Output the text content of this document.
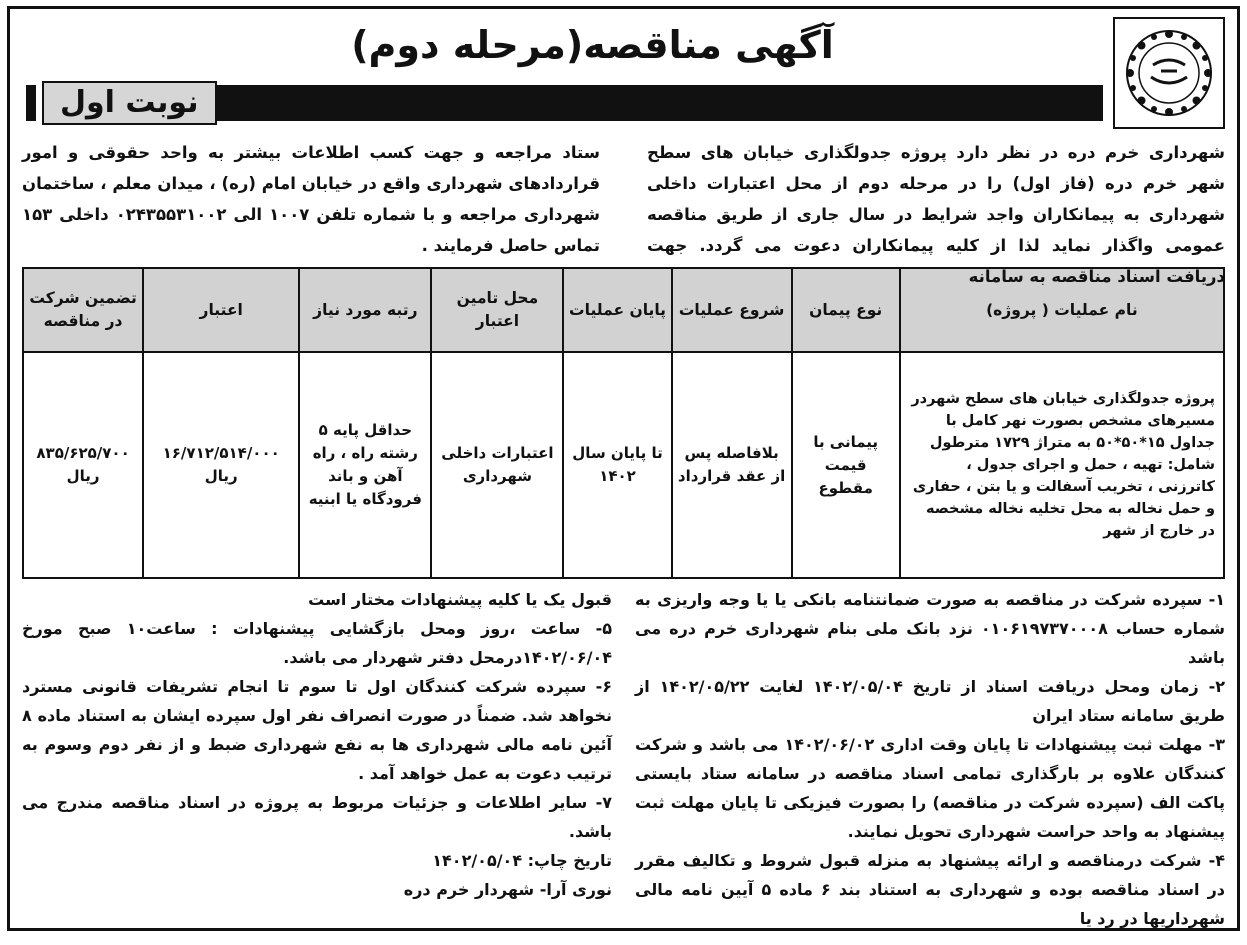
آگهی مناقصه(مرحله دوم)
نوبت اول
شهرداری خرم دره در نظر دارد پروژه جدولگذاری خیابان های سطح شهر خرم دره (فاز اول) را در مرحله دوم از محل اعتبارات داخلی شهرداری به پیمانکاران واجد شرایط در سال جاری از طریق مناقصه عمومی واگذار نماید لذا از کلیه پیمانکاران دعوت می گردد. جهت دریافت اسناد مناقصه به سامانه
ستاد مراجعه و جهت کسب اطلاعات بیشتر به واحد حقوقی و امور قراردادهای شهرداری واقع در خیابان امام (ره) ، میدان معلم ، ساختمان شهرداری مراجعه و با شماره تلفن ۱۰۰۷ الی ۰۲۴۳۵۵۳۱۰۰۲ داخلی ۱۵۳ تماس حاصل فرمایند .
نام عملیات ( پروژه)	نوع پیمان	شروع عملیات	پایان عملیات	محل تامین اعتبار	رتبه مورد نیاز	اعتبار	تضمین شرکت در مناقصه

پروژه جدولگذاری خیابان های سطح شهردر مسیرهای مشخص بصورت نهر کامل با جداول ۱۵*۵۰*۵۰ به متراژ ۱۷۲۹ مترطول
شامل: تهیه ، حمل و اجرای جدول ، کاترزنی ، تخریب آسفالت و یا بتن ، حفاری و حمل نخاله به محل تخلیه نخاله مشخصه در خارج از شهر	پیمانی با قیمت مقطوع	بلافاصله پس از عقد قرارداد	تا پایان سال ۱۴۰۲	اعتبارات داخلی شهرداری	حداقل پایه ۵ رشته راه ، راه آهن و باند فرودگاه یا ابنیه	۱۶/۷۱۲/۵۱۴/۰۰۰ ریال	۸۳۵/۶۲۵/۷۰۰ ریال

۱- سپرده شرکت در مناقصه به صورت ضمانتنامه بانکی یا یا وجه واریزی به شماره حساب ۰۱۰۶۱۹۷۳۷۰۰۰۸ نزد بانک ملی بنام شهرداری خرم دره می باشد

۲- زمان ومحل دریافت اسناد از تاریخ ۱۴۰۲/۰۵/۰۴ لغایت ۱۴۰۲/۰۵/۲۲ از طریق سامانه ستاد ایران

۳- مهلت ثبت پیشنهادات تا پایان وقت اداری ۱۴۰۲/۰۶/۰۲ می باشد و شرکت کنندگان علاوه بر بارگذاری تمامی اسناد مناقصه در سامانه ستاد بایستی پاکت الف (سپرده شرکت در مناقصه) را بصورت فیزیکی تا پایان مهلت ثبت پیشنهاد به واحد حراست شهرداری تحویل نمایند.

۴- شرکت درمناقصه و ارائه پیشنهاد به منزله قبول شروط و تکالیف مقرر در اسناد مناقصه بوده و شهرداری به استناد بند ۶ ماده ۵ آیین نامه مالی شهرداریها در رد یا

قبول یک یا کلیه پیشنهادات مختار است

۵- ساعت ،روز ومحل بازگشایی پیشنهادات : ساعت۱۰ صبح مورخ ۱۴۰۲/۰۶/۰۴درمحل دفتر شهردار می باشد.

۶- سپرده شرکت کنندگان اول تا سوم تا انجام تشریفات قانونی مسترد نخواهد شد. ضمناً در صورت انصراف نفر اول سپرده ایشان به استناد ماده ۸ آئین نامه مالی شهرداری ها به نفع شهرداری ضبط و از نفر دوم وسوم به ترتیب دعوت به عمل خواهد آمد .

۷- سایر اطلاعات و جزئیات مربوط به پروژه در اسناد مناقصه مندرج می باشد.

تاریخ چاپ: ۱۴۰۲/۰۵/۰۴

نوری آرا- شهردار خرم دره
